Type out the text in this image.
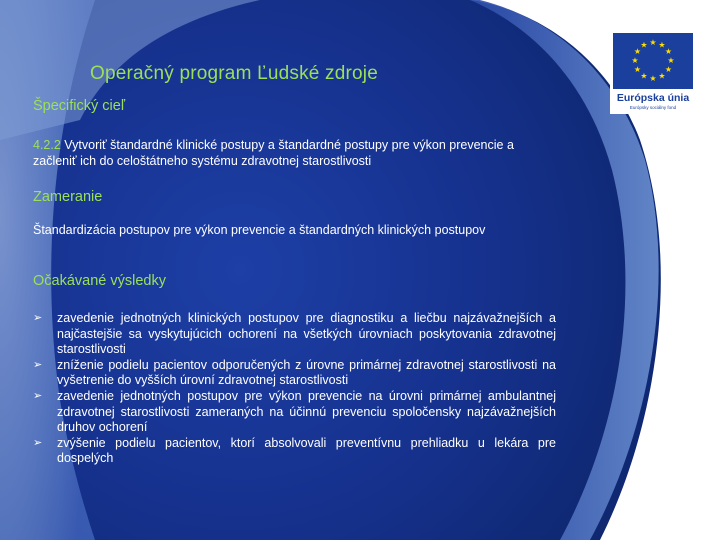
Operačný program Ľudské zdroje
Špecifický cieľ
4.2.2 Vytvoriť štandardné klinické postupy a štandardné postupy pre výkon prevencie a začleniť ich do celoštátneho systému zdravotnej starostlivosti
Zameranie
Štandardizácia postupov pre výkon prevencie a štandardných klinických postupov
Očakávané výsledky
➢ zavedenie jednotných klinických postupov pre diagnostiku a liečbu najzávažnejších a najčastejšie sa vyskytujúcich ochorení na všetkých úrovniach poskytovania zdravotnej starostlivosti
➢ zníženie podielu pacientov odporučených z úrovne primárnej zdravotnej starostlivosti na vyšetrenie do vyšších úrovní zdravotnej starostlivosti
➢ zavedenie jednotných postupov pre výkon prevencie na úrovni primárnej ambulantnej zdravotnej starostlivosti zameraných na účinnú prevenciu spoločensky najzávažnejších druhov ochorení
➢ zvýšenie podielu pacientov, ktorí absolvovali preventívnu prehliadku u lekára pre dospelých
★ ★
★
★
★
★
★
★
★
★
★
★
Európska únia
Európsky sociálny fond
